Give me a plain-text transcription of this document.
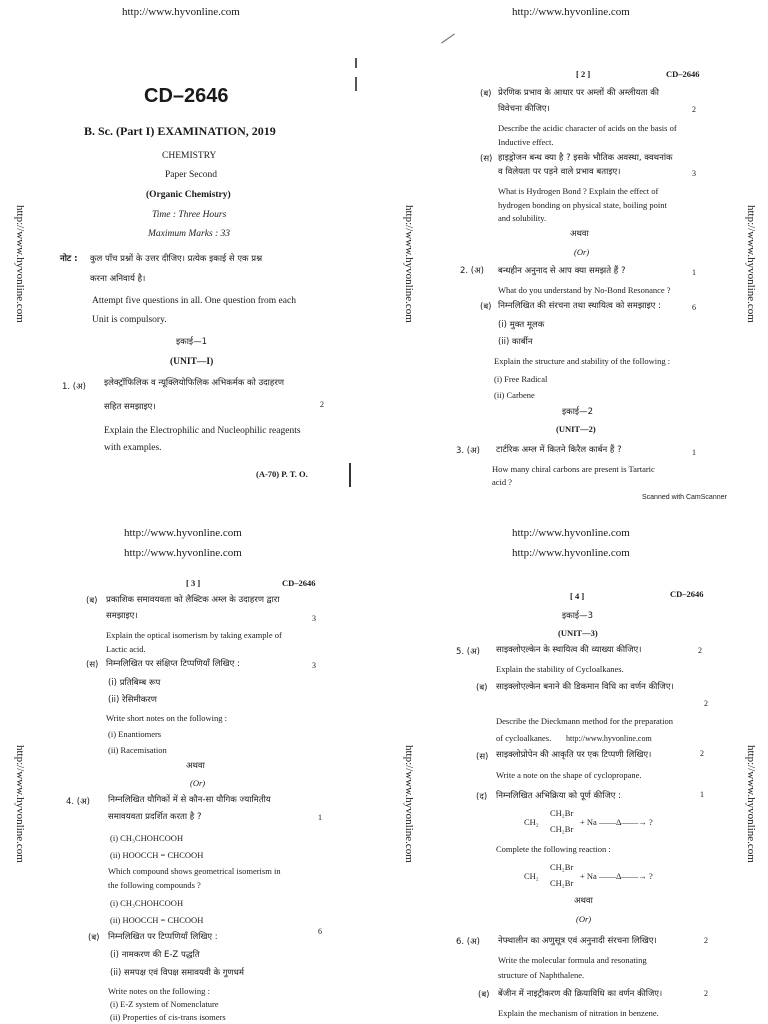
http://www.hyvonline.com	http://www.hyvonline.com
http://www.hyvonline.com
http://www.hyvonline.com
http://www.hyvonline.com
http://www.hyvonline.com
http://www.hyvonline.com	http://www.hyvonline.com	http://www.hyvonline.com
http://www.hyvonline.com	http://www.hyvonline.com	http://www.hyvonline.com
CD–2646
B. Sc. (Part I) EXAMINATION, 2019
CHEMISTRY
Paper Second
(Organic Chemistry)
Time : Three Hours
Maximum Marks : 33
नोट : कुल पाँच प्रश्नों के उत्तर दीजिए। प्रत्येक इकाई से एक प्रश्न
करना अनिवार्य है।
Attempt five questions in all. One question from each
Unit is compulsory.
इकाई—1
(UNIT—I)
1. (अ) इलेक्ट्रॉफिलिक व न्यूक्लियोफिलिक अभिकर्मक को उदाहरण
सहित समझाइए।	2
Explain the Electrophilic and Nucleophilic reagents
with examples.
(A-70) P. T. O.
[ 2 ]	CD–2646
(ब) प्रेरणिक प्रभाव के आधार पर अम्लों की अम्लीयता की
विवेचना कीजिए।	2
Describe the acidic character of acids on the basis of
Inductive effect.
(स) हाइड्रोजन बन्ध क्या है ? इसके भौतिक अवस्था, क्वथनांक
व विलेयता पर पड़ने वाले प्रभाव बताइए।	3
What is Hydrogen Bond ? Explain the effect of
hydrogen bonding on physical state, boiling point
and solubility.
अथवा
(Or)
2. (अ) बन्धहीन अनुनाद से आप क्या समझते हैं ?	1
What do you understand by No-Bond Resonance ?
(ब) निम्नलिखित की संरचना तथा स्थायित्व को समझाइए :	6
(i) मुक्त मूलक
(ii) कार्बीन
Explain the structure and stability of the following :
(i) Free Radical
(ii) Carbene
इकाई—2
(UNIT—2)
3. (अ) टार्टरिक अम्ल में कितने किरैल कार्बन हैं ?	1
How many chiral carbons are present is Tartaric
acid ?
Scanned with CamScanner
[ 3 ]	CD–2646
(ब) प्रकाशिक समावयवता को लैक्टिक अम्ल के उदाहरण द्वारा
समझाइए।	3
Explain the optical isomerism by taking example of
Lactic acid.
(स) निम्नलिखित पर संक्षिप्त टिप्पणियाँ लिखिए :	3
(i) प्रतिबिम्ब रूप
(ii) रेसिमीकरण
Write short notes on the following :
(i) Enantiomers
(ii) Racemisation
अथवा
(Or)
4. (अ) निम्नलिखित यौगिकों में से कौन-सा यौगिक ज्यामितीय
समावयवता प्रदर्शित करता है ?	1
(i) CH₃CHOHCOOH
(ii) HOOCCH = CHCOOH
Which compound shows geometrical isomerism in
the following compounds ?
(i) CH₃CHOHCOOH
(ii) HOOCCH = CHCOOH
(ब) निम्नलिखित पर टिप्पणियाँ लिखिए :
6
(i) नामकरण की E-Z पद्धति
(ii) समपक्ष एवं विपक्ष समावयवी के गुणधर्म
Write notes on the following :
(i) E-Z system of Nomenclature
(ii) Properties of cis-trans isomers
[ 4 ]	CD–2646
इकाई—3
(UNIT—3)
5. (अ) साइक्लोएल्केन के स्थायित्व की व्याख्या कीजिए।	2
Explain the stability of Cycloalkanes.
(ब) साइक्लोएल्केन बनाने की डिकमान विधि का वर्णन कीजिए।
2
Describe the Dieckmann method for the preparation
of cycloalkanes. http://www.hyvonline.com
(स) साइक्लोप्रोपेन की आकृति पर एक टिप्पणी लिखिए।	2
Write a note on the shape of cyclopropane.
(द) निम्नलिखित अभिक्रिया को पूर्ण कीजिए :	1
CH₂
CH₂Br
CH₂Br
+ Na ——Δ——→ ?
Complete the following reaction :
CH₂
CH₂Br
CH₂Br
+ Na ——Δ——→ ?
अथवा
(Or)
6. (अ) नेफ्थालीन का अणुसूत्र एवं अनुनादी संरचना लिखिए।	2
Write the molecular formula and resonating
structure of Naphthalene.
(ब) बेंजीन में नाइट्रीकरण की क्रियाविधि का वर्णन कीजिए।	2
Explain the mechanism of nitration in benzene.
